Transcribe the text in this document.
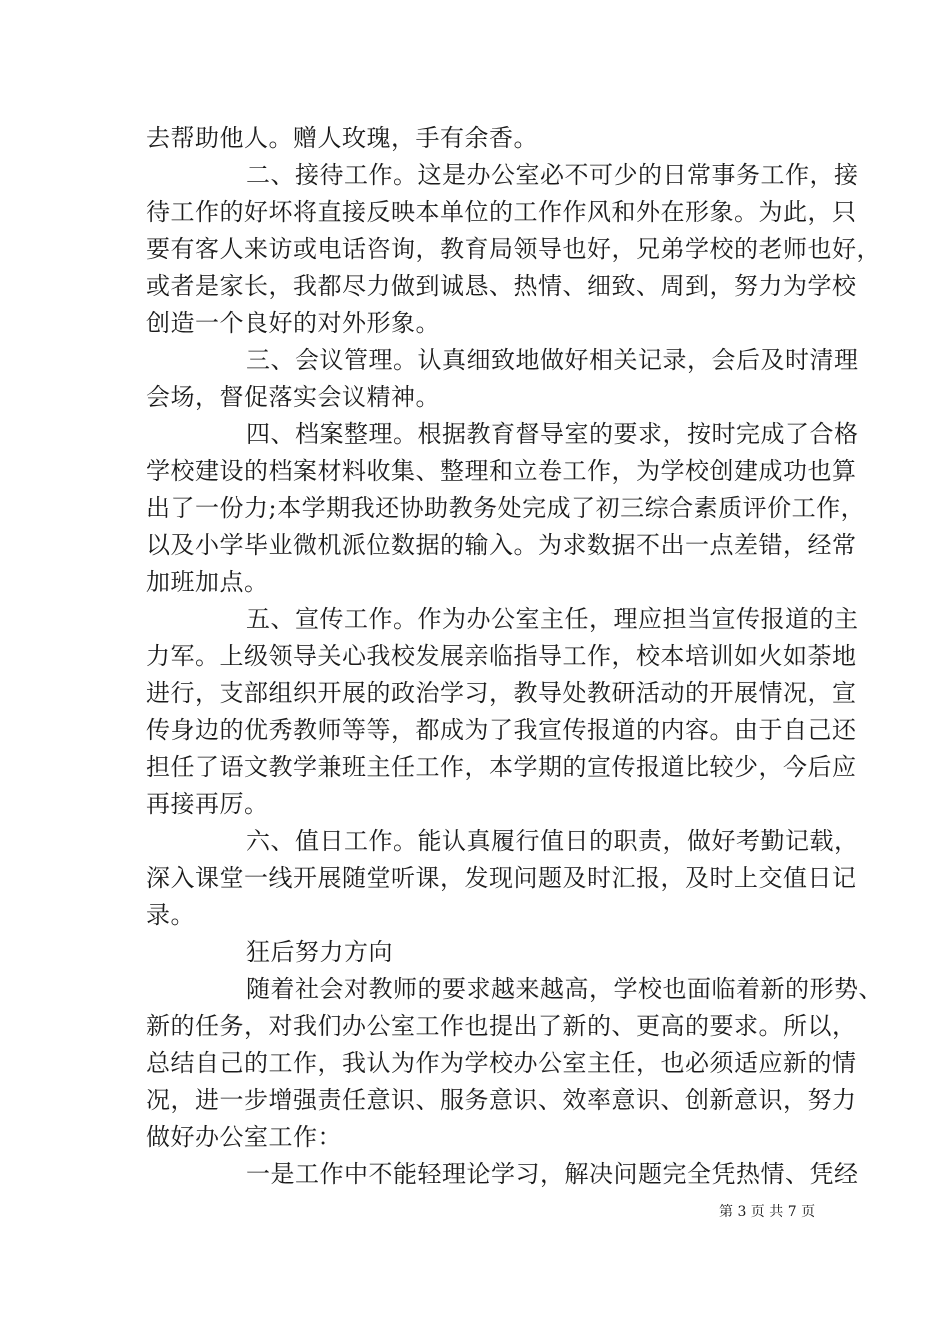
去帮助他人。赠人玫瑰，手有余香。
二、接待工作。这是办公室必不可少的日常事务工作，接
待工作的好坏将直接反映本单位的工作作风和外在形象。为此，只
要有客人来访或电话咨询，教育局领导也好，兄弟学校的老师也好，
或者是家长，我都尽力做到诚恳、热情、细致、周到，努力为学校
创造一个良好的对外形象。
三、会议管理。认真细致地做好相关记录，会后及时清理
会场，督促落实会议精神。
四、档案整理。根据教育督导室的要求，按时完成了合格
学校建设的档案材料收集、整理和立卷工作，为学校创建成功也算
出了一份力;本学期我还协助教务处完成了初三综合素质评价工作，
以及小学毕业微机派位数据的输入。为求数据不出一点差错，经常
加班加点。
五、宣传工作。作为办公室主任，理应担当宣传报道的主
力军。上级领导关心我校发展亲临指导工作，校本培训如火如荼地
进行，支部组织开展的政治学习，教导处教研活动的开展情况，宣
传身边的优秀教师等等，都成为了我宣传报道的内容。由于自己还
担任了语文教学兼班主任工作，本学期的宣传报道比较少，今后应
再接再厉。
六、值日工作。能认真履行值日的职责，做好考勤记载，
深入课堂一线开展随堂听课，发现问题及时汇报，及时上交值日记
录。
狂后努力方向
随着社会对教师的要求越来越高，学校也面临着新的形势、
新的任务，对我们办公室工作也提出了新的、更高的要求。所以，
总结自己的工作，我认为作为学校办公室主任，也必须适应新的情
况，进一步增强责任意识、服务意识、效率意识、创新意识，努力
做好办公室工作：
一是工作中不能轻理论学习，解决问题完全凭热情、凭经
第 3 页 共 7 页
